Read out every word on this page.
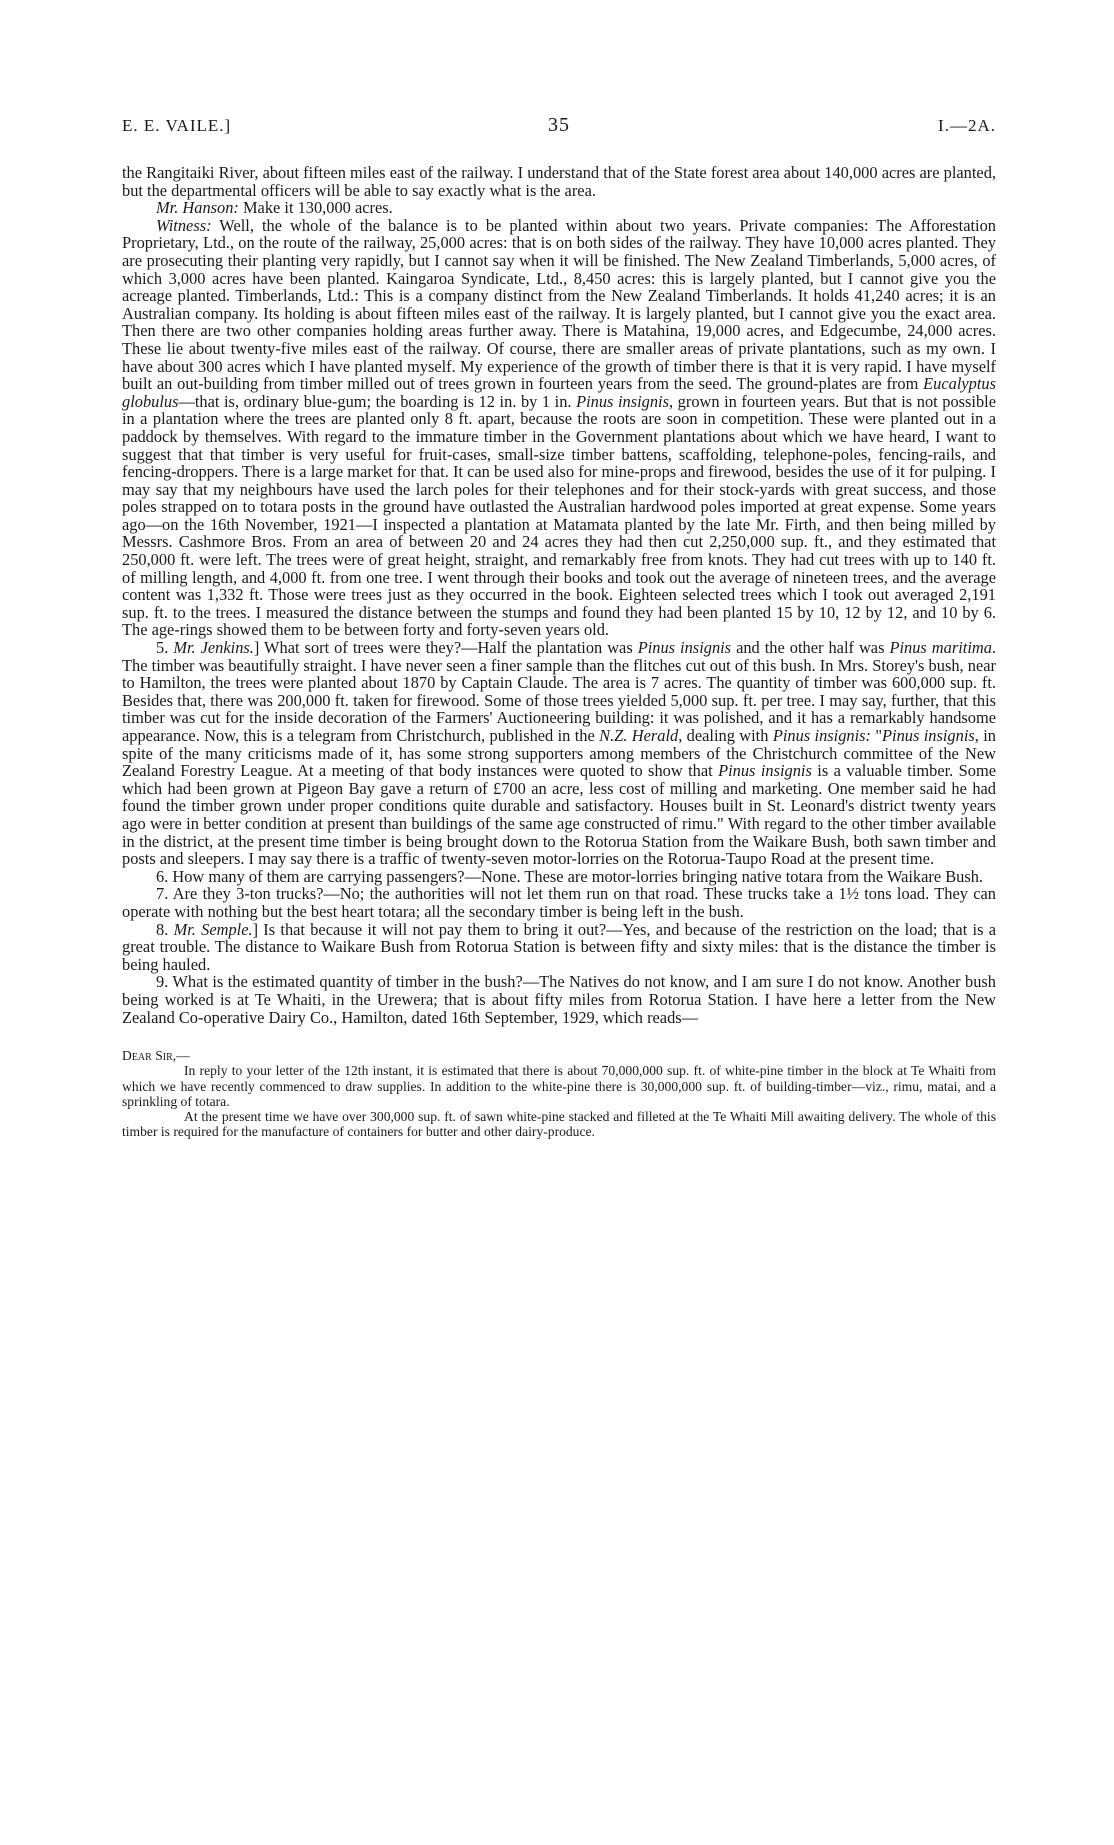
E. E. VAILE.]	35	I.—2A.

the Rangitaiki River, about fifteen miles east of the railway. I understand that of the State forest area about 140,000 acres are planted, but the departmental officers will be able to say exactly what is the area.

Mr. Hanson: Make it 130,000 acres.

Witness: Well, the whole of the balance is to be planted within about two years. Private companies: The Afforestation Proprietary, Ltd., on the route of the railway, 25,000 acres: that is on both sides of the railway. They have 10,000 acres planted. They are prosecuting their planting very rapidly, but I cannot say when it will be finished. The New Zealand Timberlands, 5,000 acres, of which 3,000 acres have been planted. Kaingaroa Syndicate, Ltd., 8,450 acres: this is largely planted, but I cannot give you the acreage planted. Timberlands, Ltd.: This is a company distinct from the New Zealand Timberlands. It holds 41,240 acres; it is an Australian company. Its holding is about fifteen miles east of the railway. It is largely planted, but I cannot give you the exact area. Then there are two other companies holding areas further away. There is Matahina, 19,000 acres, and Edgecumbe, 24,000 acres. These lie about twenty-five miles east of the railway. Of course, there are smaller areas of private plantations, such as my own. I have about 300 acres which I have planted myself. My experience of the growth of timber there is that it is very rapid. I have myself built an out-building from timber milled out of trees grown in fourteen years from the seed. The ground-plates are from Eucalyptus globulus—that is, ordinary blue-gum; the boarding is 12 in. by 1 in. Pinus insignis, grown in fourteen years. But that is not possible in a plantation where the trees are planted only 8 ft. apart, because the roots are soon in competition. These were planted out in a paddock by themselves. With regard to the immature timber in the Government plantations about which we have heard, I want to suggest that that timber is very useful for fruit-cases, small-size timber battens, scaffolding, telephone-poles, fencing-rails, and fencing-droppers. There is a large market for that. It can be used also for mine-props and firewood, besides the use of it for pulping. I may say that my neighbours have used the larch poles for their telephones and for their stock-yards with great success, and those poles strapped on to totara posts in the ground have outlasted the Australian hardwood poles imported at great expense. Some years ago—on the 16th November, 1921—I inspected a plantation at Matamata planted by the late Mr. Firth, and then being milled by Messrs. Cashmore Bros. From an area of between 20 and 24 acres they had then cut 2,250,000 sup. ft., and they estimated that 250,000 ft. were left. The trees were of great height, straight, and remarkably free from knots. They had cut trees with up to 140 ft. of milling length, and 4,000 ft. from one tree. I went through their books and took out the average of nineteen trees, and the average content was 1,332 ft. Those were trees just as they occurred in the book. Eighteen selected trees which I took out averaged 2,191 sup. ft. to the trees. I measured the distance between the stumps and found they had been planted 15 by 10, 12 by 12, and 10 by 6. The age-rings showed them to be between forty and forty-seven years old.

5. Mr. Jenkins.] What sort of trees were they?—Half the plantation was Pinus insignis and the other half was Pinus maritima. The timber was beautifully straight. I have never seen a finer sample than the flitches cut out of this bush. In Mrs. Storey's bush, near to Hamilton, the trees were planted about 1870 by Captain Claude. The area is 7 acres. The quantity of timber was 600,000 sup. ft. Besides that, there was 200,000 ft. taken for firewood. Some of those trees yielded 5,000 sup. ft. per tree. I may say, further, that this timber was cut for the inside decoration of the Farmers' Auctioneering building: it was polished, and it has a remarkably handsome appearance. Now, this is a telegram from Christchurch, published in the N.Z. Herald, dealing with Pinus insignis: "Pinus insignis, in spite of the many criticisms made of it, has some strong supporters among members of the Christchurch committee of the New Zealand Forestry League. At a meeting of that body instances were quoted to show that Pinus insignis is a valuable timber. Some which had been grown at Pigeon Bay gave a return of £700 an acre, less cost of milling and marketing. One member said he had found the timber grown under proper conditions quite durable and satisfactory. Houses built in St. Leonard's district twenty years ago were in better condition at present than buildings of the same age constructed of rimu." With regard to the other timber available in the district, at the present time timber is being brought down to the Rotorua Station from the Waikare Bush, both sawn timber and posts and sleepers. I may say there is a traffic of twenty-seven motor-lorries on the Rotorua-Taupo Road at the present time.

6. How many of them are carrying passengers?—None. These are motor-lorries bringing native totara from the Waikare Bush.

7. Are they 3-ton trucks?—No; the authorities will not let them run on that road. These trucks take a 1½ tons load. They can operate with nothing but the best heart totara; all the secondary timber is being left in the bush.

8. Mr. Semple.] Is that because it will not pay them to bring it out?—Yes, and because of the restriction on the load; that is a great trouble. The distance to Waikare Bush from Rotorua Station is between fifty and sixty miles: that is the distance the timber is being hauled.

9. What is the estimated quantity of timber in the bush?—The Natives do not know, and I am sure I do not know. Another bush being worked is at Te Whaiti, in the Urewera; that is about fifty miles from Rotorua Station. I have here a letter from the New Zealand Co-operative Dairy Co., Hamilton, dated 16th September, 1929, which reads—

Dear Sir,—

In reply to your letter of the 12th instant, it is estimated that there is about 70,000,000 sup. ft. of white-pine timber in the block at Te Whaiti from which we have recently commenced to draw supplies. In addition to the white-pine there is 30,000,000 sup. ft. of building-timber—viz., rimu, matai, and a sprinkling of totara.

At the present time we have over 300,000 sup. ft. of sawn white-pine stacked and filleted at the Te Whaiti Mill awaiting delivery. The whole of this timber is required for the manufacture of containers for butter and other dairy-produce.
